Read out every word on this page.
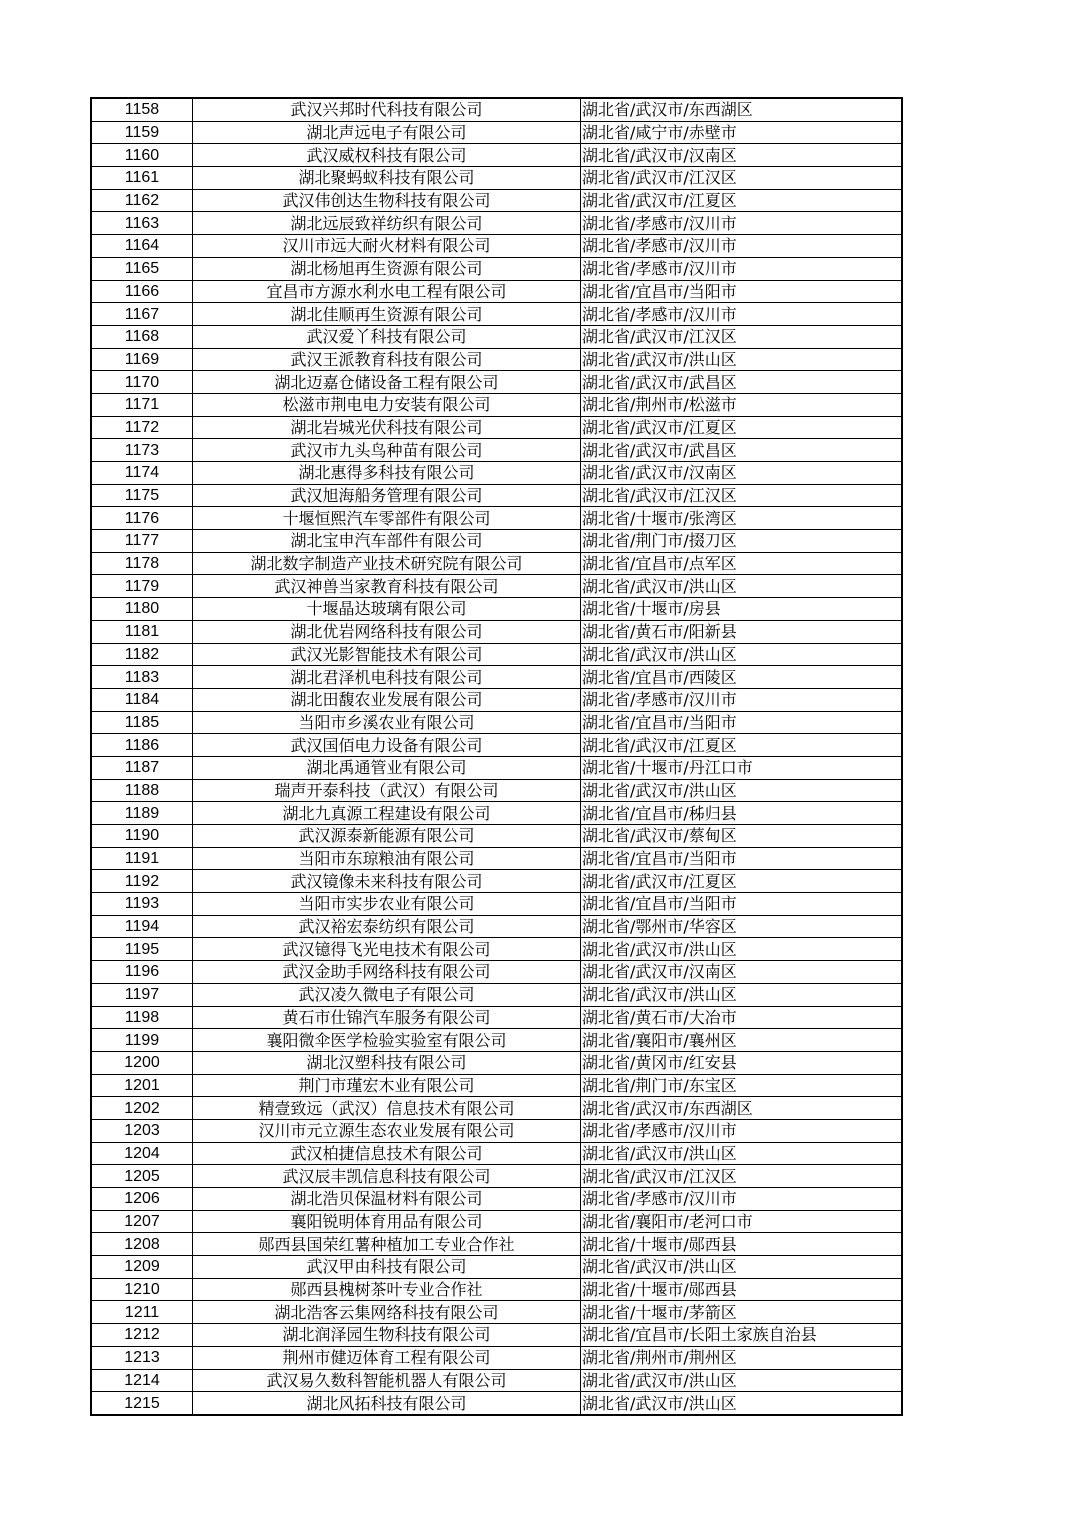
1158	武汉兴邦时代科技有限公司	湖北省/武汉市/东西湖区
1159	湖北声远电子有限公司	湖北省/咸宁市/赤壁市
1160	武汉威权科技有限公司	湖北省/武汉市/汉南区
1161	湖北聚蚂蚁科技有限公司	湖北省/武汉市/江汉区
1162	武汉伟创达生物科技有限公司	湖北省/武汉市/江夏区
1163	湖北远辰致祥纺织有限公司	湖北省/孝感市/汉川市
1164	汉川市远大耐火材料有限公司	湖北省/孝感市/汉川市
1165	湖北杨旭再生资源有限公司	湖北省/孝感市/汉川市
1166	宜昌市方源水利水电工程有限公司	湖北省/宜昌市/当阳市
1167	湖北佳顺再生资源有限公司	湖北省/孝感市/汉川市
1168	武汉爱丫科技有限公司	湖北省/武汉市/江汉区
1169	武汉王派教育科技有限公司	湖北省/武汉市/洪山区
1170	湖北迈嘉仓储设备工程有限公司	湖北省/武汉市/武昌区
1171	松滋市荆电电力安装有限公司	湖北省/荆州市/松滋市
1172	湖北岩城光伏科技有限公司	湖北省/武汉市/江夏区
1173	武汉市九头鸟种苗有限公司	湖北省/武汉市/武昌区
1174	湖北惠得多科技有限公司	湖北省/武汉市/汉南区
1175	武汉旭海船务管理有限公司	湖北省/武汉市/江汉区
1176	十堰恒熙汽车零部件有限公司	湖北省/十堰市/张湾区
1177	湖北宝申汽车部件有限公司	湖北省/荆门市/掇刀区
1178	湖北数字制造产业技术研究院有限公司	湖北省/宜昌市/点军区
1179	武汉神兽当家教育科技有限公司	湖北省/武汉市/洪山区
1180	十堰晶达玻璃有限公司	湖北省/十堰市/房县
1181	湖北优岩网络科技有限公司	湖北省/黄石市/阳新县
1182	武汉光影智能技术有限公司	湖北省/武汉市/洪山区
1183	湖北君泽机电科技有限公司	湖北省/宜昌市/西陵区
1184	湖北田馥农业发展有限公司	湖北省/孝感市/汉川市
1185	当阳市乡溪农业有限公司	湖北省/宜昌市/当阳市
1186	武汉国佰电力设备有限公司	湖北省/武汉市/江夏区
1187	湖北禹通管业有限公司	湖北省/十堰市/丹江口市
1188	瑞声开泰科技（武汉）有限公司	湖北省/武汉市/洪山区
1189	湖北九真源工程建设有限公司	湖北省/宜昌市/秭归县
1190	武汉源泰新能源有限公司	湖北省/武汉市/蔡甸区
1191	当阳市东琼粮油有限公司	湖北省/宜昌市/当阳市
1192	武汉镜像未来科技有限公司	湖北省/武汉市/江夏区
1193	当阳市实步农业有限公司	湖北省/宜昌市/当阳市
1194	武汉裕宏泰纺织有限公司	湖北省/鄂州市/华容区
1195	武汉镱得飞光电技术有限公司	湖北省/武汉市/洪山区
1196	武汉金助手网络科技有限公司	湖北省/武汉市/汉南区
1197	武汉凌久微电子有限公司	湖北省/武汉市/洪山区
1198	黄石市仕锦汽车服务有限公司	湖北省/黄石市/大冶市
1199	襄阳微伞医学检验实验室有限公司	湖北省/襄阳市/襄州区
1200	湖北汉塑科技有限公司	湖北省/黄冈市/红安县
1201	荆门市瑾宏木业有限公司	湖北省/荆门市/东宝区
1202	精壹致远（武汉）信息技术有限公司	湖北省/武汉市/东西湖区
1203	汉川市元立源生态农业发展有限公司	湖北省/孝感市/汉川市
1204	武汉柏捷信息技术有限公司	湖北省/武汉市/洪山区
1205	武汉辰丰凯信息科技有限公司	湖北省/武汉市/江汉区
1206	湖北浩贝保温材料有限公司	湖北省/孝感市/汉川市
1207	襄阳锐明体育用品有限公司	湖北省/襄阳市/老河口市
1208	郧西县国荣红薯种植加工专业合作社	湖北省/十堰市/郧西县
1209	武汉甲由科技有限公司	湖北省/武汉市/洪山区
1210	郧西县槐树茶叶专业合作社	湖北省/十堰市/郧西县
1211	湖北浩客云集网络科技有限公司	湖北省/十堰市/茅箭区
1212	湖北润泽园生物科技有限公司	湖北省/宜昌市/长阳土家族自治县
1213	荆州市健迈体育工程有限公司	湖北省/荆州市/荆州区
1214	武汉易久数科智能机器人有限公司	湖北省/武汉市/洪山区
1215	湖北风拓科技有限公司	湖北省/武汉市/洪山区
